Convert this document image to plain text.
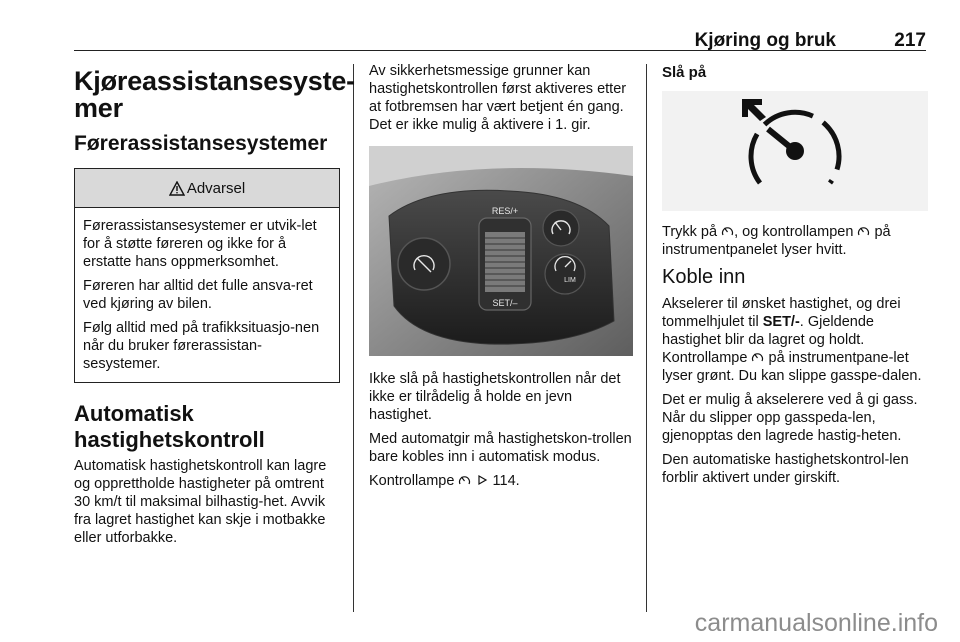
Kjøring og bruk	217
Kjøreassistansesyste-
mer
Førerassistansesystemer
Advarsel

Førerassistansesystemer er utvik-let for å støtte føreren og ikke for å erstatte hans oppmerksomhet.

Føreren har alltid det fulle ansva-ret ved kjøring av bilen.

Følg alltid med på trafikksituasjo-nen når du bruker førerassistan-sesystemer.

Automatisk
hastighetskontroll

Automatisk hastighetskontroll kan lagre og opprettholde hastigheter på omtrent 30 km/t til maksimal bilhastig-het. Avvik fra lagret hastighet kan skje i motbakke eller utforbakke.

Av sikkerhetsmessige grunner kan hastighetskontrollen først aktiveres etter at fotbremsen har vært betjent én gang. Det er ikke mulig å aktivere i 1. gir.

RES/+
SET/–
LIM

Ikke slå på hastighetskontrollen når det ikke er tilrådelig å holde en jevn hastighet.

Med automatgir må hastighetskon-trollen bare kobles inn i automatisk modus.

Kontrollampe	114.

Slå på

Trykk på , og kontrollampen på instrumentpanelet lyser hvitt.

Koble inn

Akselerer til ønsket hastighet, og drei tommelhjulet til SET/-. Gjeldende hastighet blir da lagret og holdt. Kontrollampe på instrumentpane-let lyser grønt. Du kan slippe gasspe-dalen.

Det er mulig å akselerere ved å gi gass. Når du slipper opp gasspeda-len, gjenopptas den lagrede hastig-heten.

Den automatiske hastighetskontrol-len forblir aktivert under girskift.

carmanualsonline.info
